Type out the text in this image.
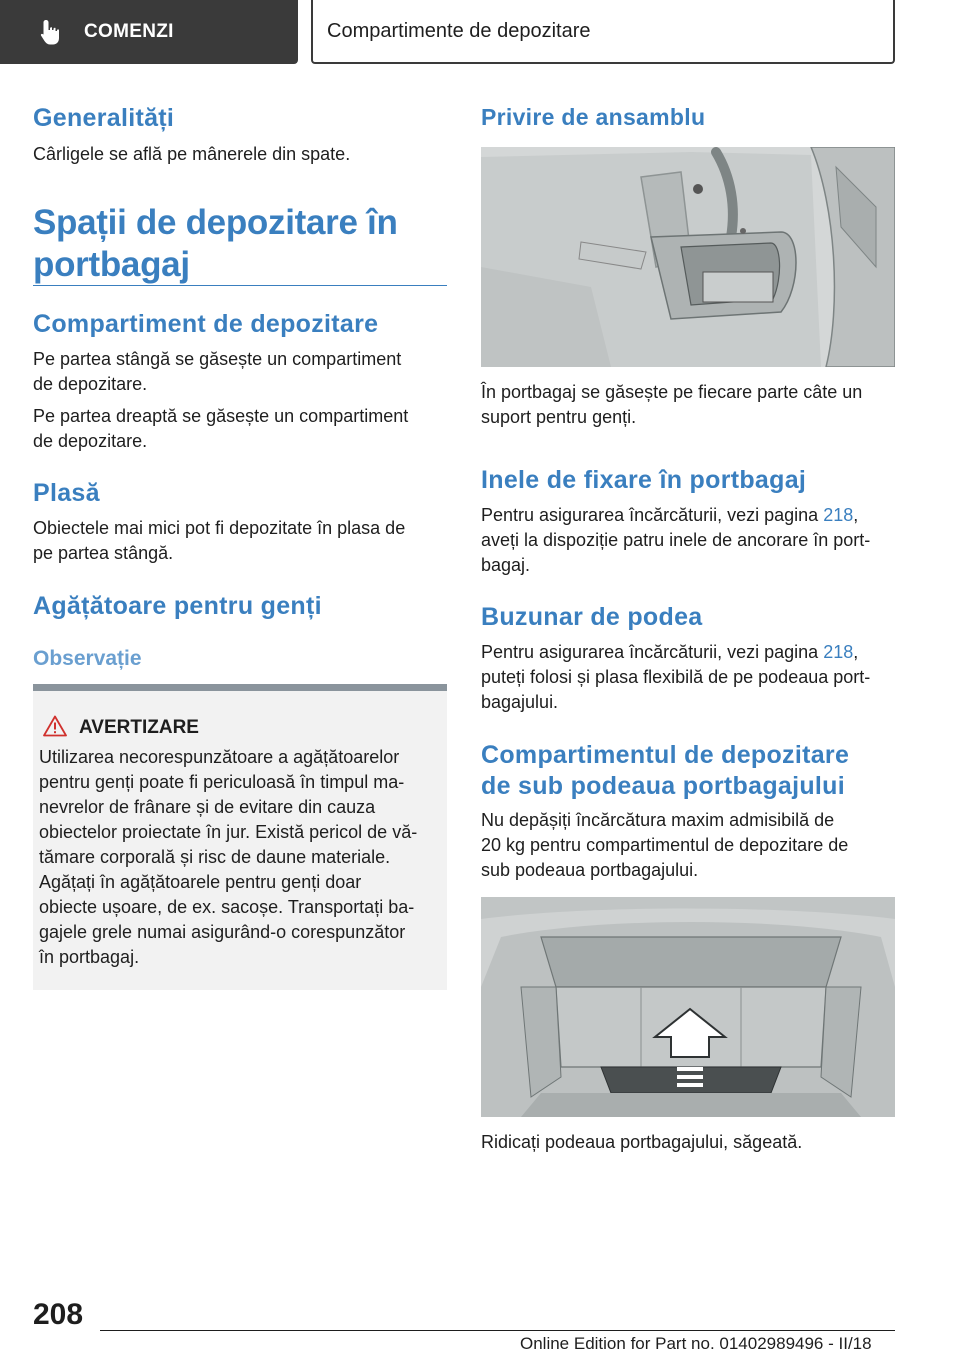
COMENZI	Compartimente de depozitare
Generalități

Cârligele se află pe mânerele din spate.

Spații de depozitare în
portbagaj
Compartiment de depozitare

Pe partea stângă se găsește un compartiment
de depozitare.

Pe partea dreaptă se găsește un compartiment
de depozitare.

Plasă

Obiectele mai mici pot fi depozitate în plasa de
pe partea stângă.

Agățătoare pentru genți
Observație
AVERTIZARE
Utilizarea necorespunzătoare a agățătoarelor
pentru genți poate fi periculoasă în timpul ma‐
nevrelor de frânare și de evitare din cauza
obiectelor proiectate în jur. Există pericol de vă‐
tămare corporală și risc de daune materiale.
Agățați în agățătoarele pentru genți doar
obiecte ușoare, de ex. sacoșe. Transportați ba‐
gajele grele numai asigurând-o corespunzător
în portbagaj.
Privire de ansamblu

În portbagaj se găsește pe fiecare parte câte un
suport pentru genți.

Inele de fixare în portbagaj

Pentru asigurarea încărcăturii, vezi pagina 218,
aveți la dispoziție patru inele de ancorare în port‐
bagaj.

Buzunar de podea

Pentru asigurarea încărcăturii, vezi pagina 218,
puteți folosi și plasa flexibilă de pe podeaua port‐
bagajului.

Compartimentul de depozitare
de sub podeaua portbagajului

Nu depășiți încărcătura maxim admisibilă de
20 kg pentru compartimentul de depozitare de
sub podeaua portbagajului.

Ridicați podeaua portbagajului, săgeată.

208
Online Edition for Part no. 01402989496 - II/18
